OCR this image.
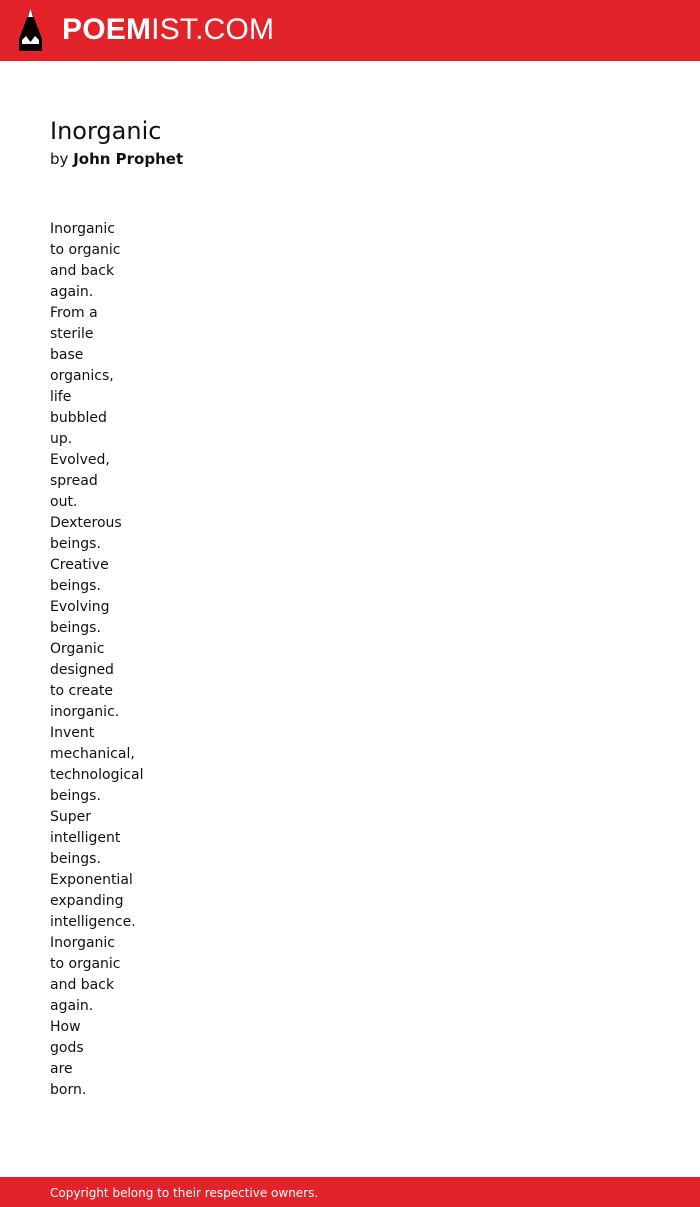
POEMIST.COM
Inorganic
by John Prophet
Inorganic
to organic
and back
again.
From a
sterile
base
organics,
life
bubbled
up.
Evolved,
spread
out.
Dexterous
beings.
Creative
beings.
Evolving
beings.
Organic
designed
to create
inorganic.
Invent
mechanical,
technological
beings.
Super
intelligent
beings.
Exponential
expanding
intelligence.
Inorganic
to organic
and back
again.
How
gods
are
born.
Copyright belong to their respective owners.
